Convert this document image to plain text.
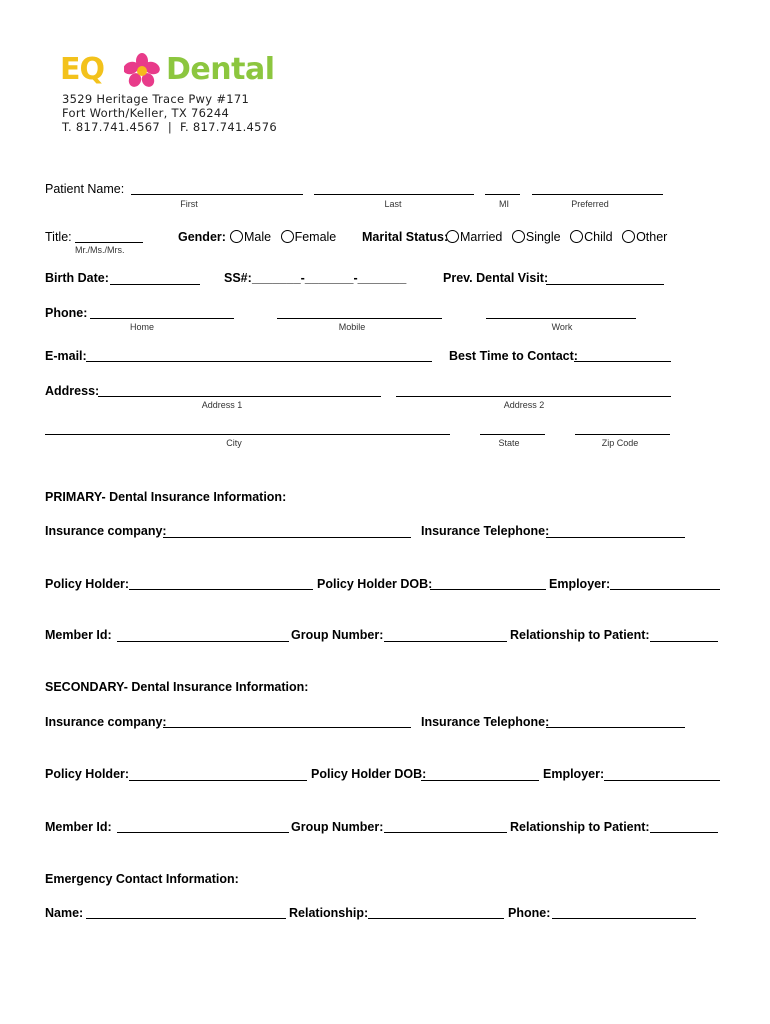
EQ Dental
3529 Heritage Trace Pwy #171
Fort Worth/Keller, TX 76244
T. 817.741.4567  |  F. 817.741.4576
Patient Name:
First	Last	MI	Preferred
Title:
Mr./Ms./Mrs.
Gender:	Male Female Marital Status: Married Single Child Other
Birth Date:	SS#: _______-_______-_______	Prev. Dental Visit:
Phone:
Home	Mobile	Work
E-mail:	Best Time to Contact:
Address:
Address 1	Address 2
City	State	Zip Code
PRIMARY- Dental Insurance Information:
Insurance company:	Insurance Telephone:
Policy Holder:	Policy Holder DOB:	Employer:
Member Id:	Group Number:	Relationship to Patient:
SECONDARY- Dental Insurance Information:
Insurance company:	Insurance Telephone:
Policy Holder:	Policy Holder DOB:	Employer:
Member Id:	Group Number:	Relationship to Patient:
Emergency Contact Information:
Name:	Relationship:	Phone:
